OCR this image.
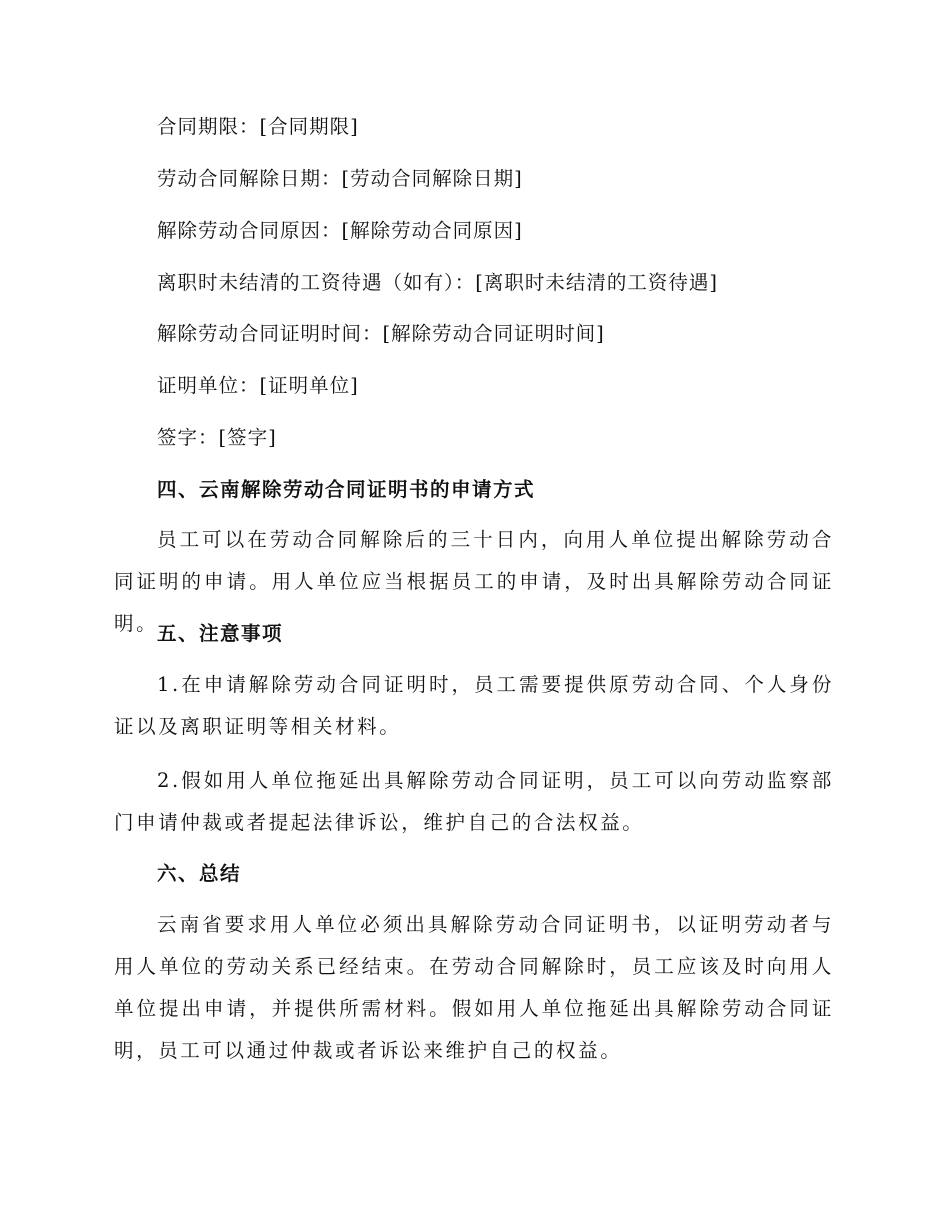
合同期限：[合同期限]
劳动合同解除日期：[劳动合同解除日期]
解除劳动合同原因：[解除劳动合同原因]
离职时未结清的工资待遇（如有）：[离职时未结清的工资待遇]
解除劳动合同证明时间：[解除劳动合同证明时间]
证明单位：[证明单位]
签字：[签字]
四、云南解除劳动合同证明书的申请方式
员工可以在劳动合同解除后的三十日内，向用人单位提出解除劳动合同证明的申请。用人单位应当根据员工的申请，及时出具解除劳动合同证明。
五、注意事项
1.在申请解除劳动合同证明时，员工需要提供原劳动合同、个人身份证以及离职证明等相关材料。
2.假如用人单位拖延出具解除劳动合同证明，员工可以向劳动监察部门申请仲裁或者提起法律诉讼，维护自己的合法权益。
六、总结
云南省要求用人单位必须出具解除劳动合同证明书，以证明劳动者与用人单位的劳动关系已经结束。在劳动合同解除时，员工应该及时向用人单位提出申请，并提供所需材料。假如用人单位拖延出具解除劳动合同证明，员工可以通过仲裁或者诉讼来维护自己的权益。
